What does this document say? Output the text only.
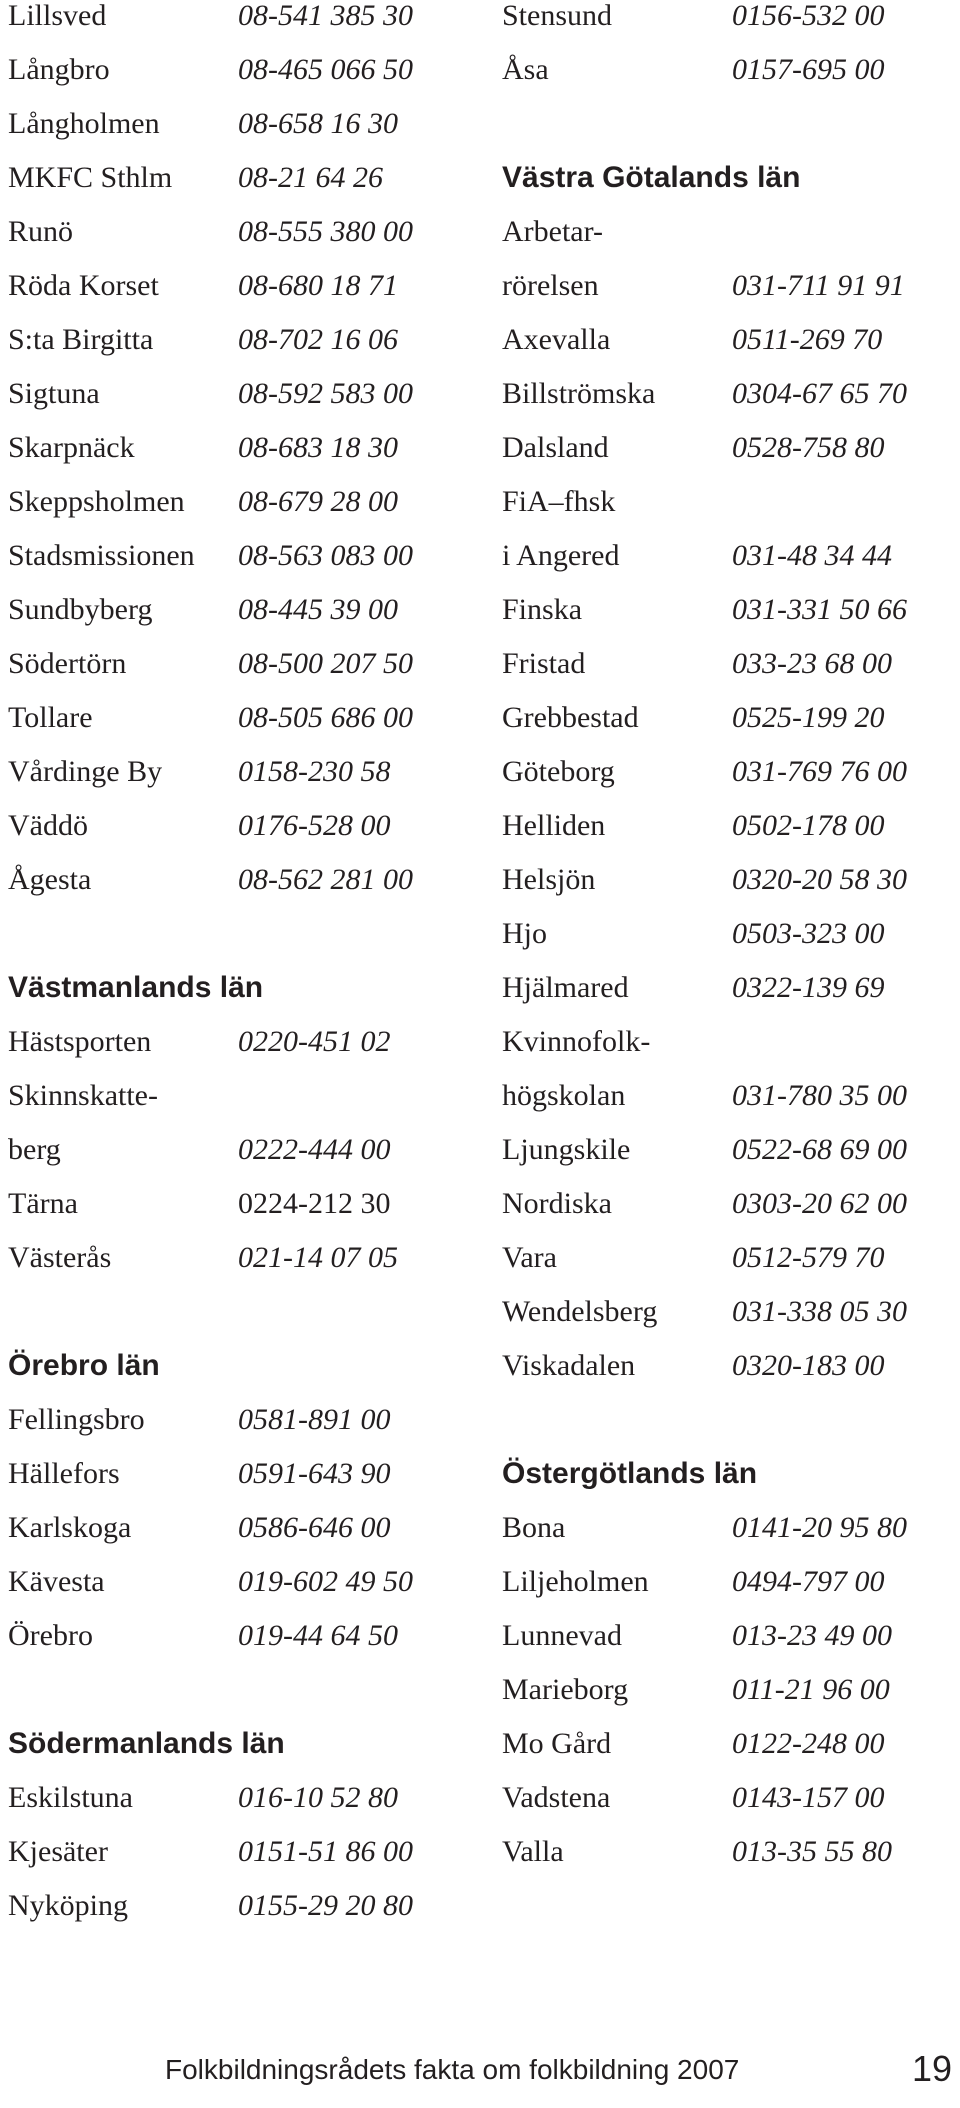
Lillsved	08-541 385 30
Långbro	08-465 066 50
Långholmen	08-658 16 30
MKFC Sthlm 08-21 64 26
Runö	08-555 380 00
Röda Korset	08-680 18 71
S:ta Birgitta	08-702 16 06
Sigtuna	08-592 583 00
Skarpnäck	08-683 18 30
Skeppsholmen 08-679 28 00
Stadsmissionen 08-563 083 00
Sundbyberg	08-445 39 00
Södertörn	08-500 207 50
Tollare	08-505 686 00
Vårdinge By	0158-230 58
Väddö	0176-528 00
Ågesta	08-562 281 00
Västmanlands län
Hästsporten	0220-451 02
Skinnskatte-
berg	0222-444 00
Tärna	0224-212 30
Västerås	021-14 07 05
Örebro län
Fellingsbro	0581-891 00
Hällefors	0591-643 90
Karlskoga	0586-646 00
Kävesta	019-602 49 50
Örebro	019-44 64 50
Södermanlands län
Eskilstuna	016-10 52 80
Kjesäter	0151-51 86 00
Nyköping	0155-29 20 80
Stensund	0156-532 00
Åsa	0157-695 00
Västra Götalands län
Arbetar-
rörelsen	031-711 91 91
Axevalla	0511-269 70
Billströmska	0304-67 65 70
Dalsland	0528-758 80
FiA–fhsk
i Angered	031-48 34 44
Finska	031-331 50 66
Fristad	033-23 68 00
Grebbestad	0525-199 20
Göteborg	031-769 76 00
Helliden	0502-178 00
Helsjön	0320-20 58 30
Hjo	0503-323 00
Hjälmared	0322-139 69
Kvinnofolk-
högskolan	031-780 35 00
Ljungskile	0522-68 69 00
Nordiska	0303-20 62 00
Vara	0512-579 70
Wendelsberg 031-338 05 30
Viskadalen	0320-183 00
Östergötlands län
Bona	0141-20 95 80
Liljeholmen	0494-797 00
Lunnevad	013-23 49 00
Marieborg	011-21 96 00
Mo Gård	0122-248 00
Vadstena	0143-157 00
Valla	013-35 55 80
Folkbildningsrådets fakta om folkbildning 2007	19
